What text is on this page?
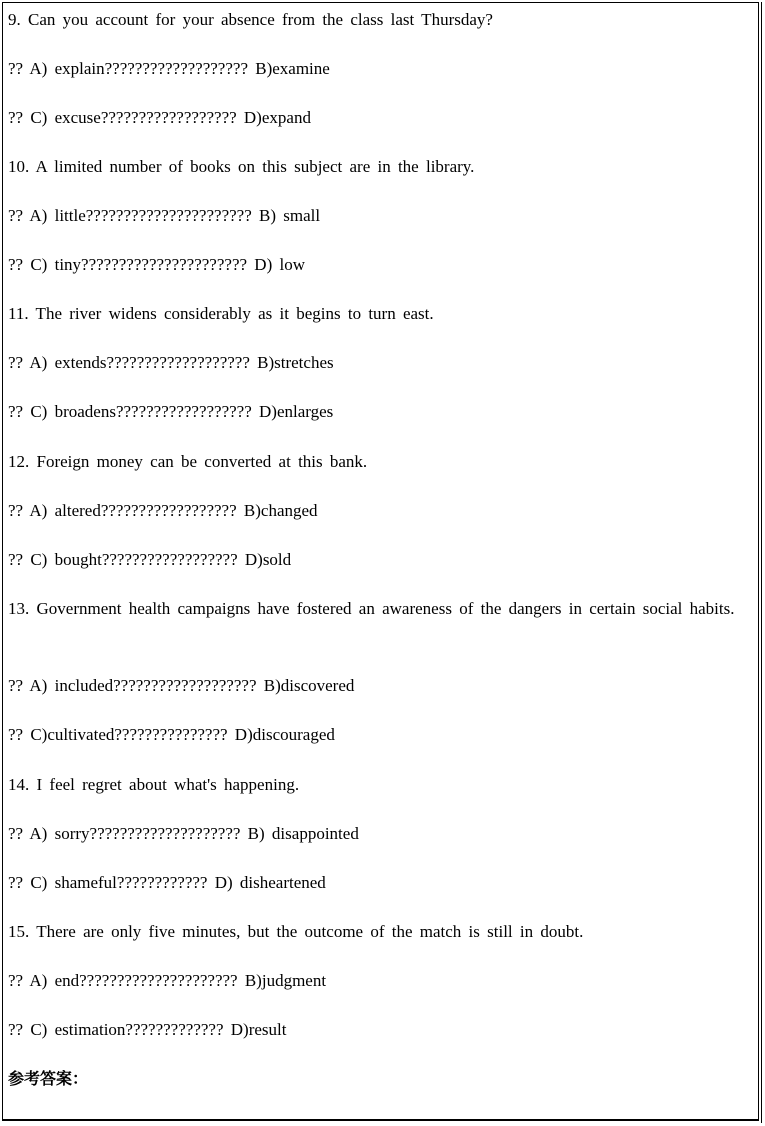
9. Can you account for your absence from the class last Thursday?
?? A) explain??????????????????? B)examine
?? C) excuse?????????????????? D)expand
10. A limited number of books on this subject are in the library.
?? A) little?????????????????????? B) small
?? C) tiny?????????????????????? D) low
11. The river widens considerably as it begins to turn east.
?? A) extends??????????????????? B)stretches
?? C) broadens?????????????????? D)enlarges
12. Foreign money can be converted at this bank.
?? A) altered?????????????????? B)changed
?? C) bought?????????????????? D)sold
13. Government health campaigns have fostered an awareness of the dangers in certain social habits.
?? A) included??????????????????? B)discovered
?? C)cultivated??????????????? D)discouraged
14. I feel regret about what's happening.
?? A) sorry???????????????????? B) disappointed
?? C) shameful???????????? D) disheartened
15. There are only five minutes, but the outcome of the match is still in doubt.
?? A) end????????????????????? B)judgment
?? C) estimation????????????? D)result
参考答案：
